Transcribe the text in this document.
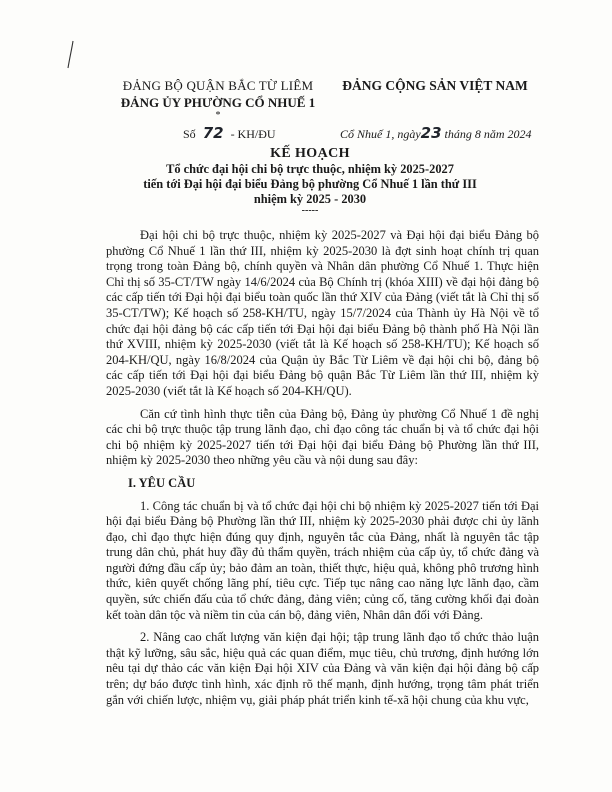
ĐẢNG BỘ QUẬN BẮC TỪ LIÊM
ĐẢNG ỦY PHƯỜNG CỔ NHUẾ 1
*
ĐẢNG CỘNG SẢN VIỆT NAM
Số 72 - KH/ĐU	Cổ Nhuế 1, ngày23 tháng 8 năm 2024
KẾ HOẠCH
Tổ chức đại hội chi bộ trực thuộc, nhiệm kỳ 2025-2027
tiến tới Đại hội đại biểu Đảng bộ phường Cổ Nhuế 1 lần thứ III
nhiệm kỳ 2025 - 2030
-----

Đại hội chi bộ trực thuộc, nhiệm kỳ 2025-2027 và Đại hội đại biểu Đảng bộ phường Cổ Nhuế 1 lần thứ III, nhiệm kỳ 2025-2030 là đợt sinh hoạt chính trị quan trọng trong toàn Đảng bộ, chính quyền và Nhân dân phường Cổ Nhuế 1. Thực hiện Chỉ thị số 35-CT/TW ngày 14/6/2024 của Bộ Chính trị (khóa XIII) về đại hội đảng bộ các cấp tiến tới Đại hội đại biểu toàn quốc lần thứ XIV của Đảng (viết tắt là Chỉ thị số 35-CT/TW); Kế hoạch số 258-KH/TU, ngày 15/7/2024 của Thành ủy Hà Nội về tổ chức đại hội đảng bộ các cấp tiến tới Đại hội đại biểu Đảng bộ thành phố Hà Nội lần thứ XVIII, nhiệm kỳ 2025-2030 (viết tắt là Kế hoạch số 258-KH/TU); Kế hoạch số 204-KH/QU, ngày 16/8/2024 của Quận ủy Bắc Từ Liêm về đại hội chi bộ, đảng bộ các cấp tiến tới Đại hội đại biểu Đảng bộ quận Bắc Từ Liêm lần thứ III, nhiệm kỳ 2025-2030 (viết tắt là Kế hoạch số 204-KH/QU).

Căn cứ tình hình thực tiễn của Đảng bộ, Đảng ủy phường Cổ Nhuế 1 đề nghị các chi bộ trực thuộc tập trung lãnh đạo, chỉ đạo công tác chuẩn bị và tổ chức đại hội chi bộ nhiệm kỳ 2025-2027 tiến tới Đại hội đại biểu Đảng bộ Phường lần thứ III, nhiệm kỳ 2025-2030 theo những yêu cầu và nội dung sau đây:

I. YÊU CẦU

1. Công tác chuẩn bị và tổ chức đại hội chi bộ nhiệm kỳ 2025-2027 tiến tới Đại hội đại biểu Đảng bộ Phường lần thứ III, nhiệm kỳ 2025-2030 phải được chi ủy lãnh đạo, chỉ đạo thực hiện đúng quy định, nguyên tắc của Đảng, nhất là nguyên tắc tập trung dân chủ, phát huy đầy đủ thẩm quyền, trách nhiệm của cấp ủy, tổ chức đảng và người đứng đầu cấp ủy; bảo đảm an toàn, thiết thực, hiệu quả, không phô trương hình thức, kiên quyết chống lãng phí, tiêu cực. Tiếp tục nâng cao năng lực lãnh đạo, cầm quyền, sức chiến đấu của tổ chức đảng, đảng viên; củng cố, tăng cường khối đại đoàn kết toàn dân tộc và niềm tin của cán bộ, đảng viên, Nhân dân đối với Đảng.

2. Nâng cao chất lượng văn kiện đại hội; tập trung lãnh đạo tổ chức thảo luận thật kỹ lưỡng, sâu sắc, hiệu quả các quan điểm, mục tiêu, chủ trương, định hướng lớn nêu tại dự thảo các văn kiện Đại hội XIV của Đảng và văn kiện đại hội đảng bộ cấp trên; dự báo được tình hình, xác định rõ thế mạnh, định hướng, trọng tâm phát triển gắn với chiến lược, nhiệm vụ, giải pháp phát triển kinh tế-xã hội chung của khu vực,
